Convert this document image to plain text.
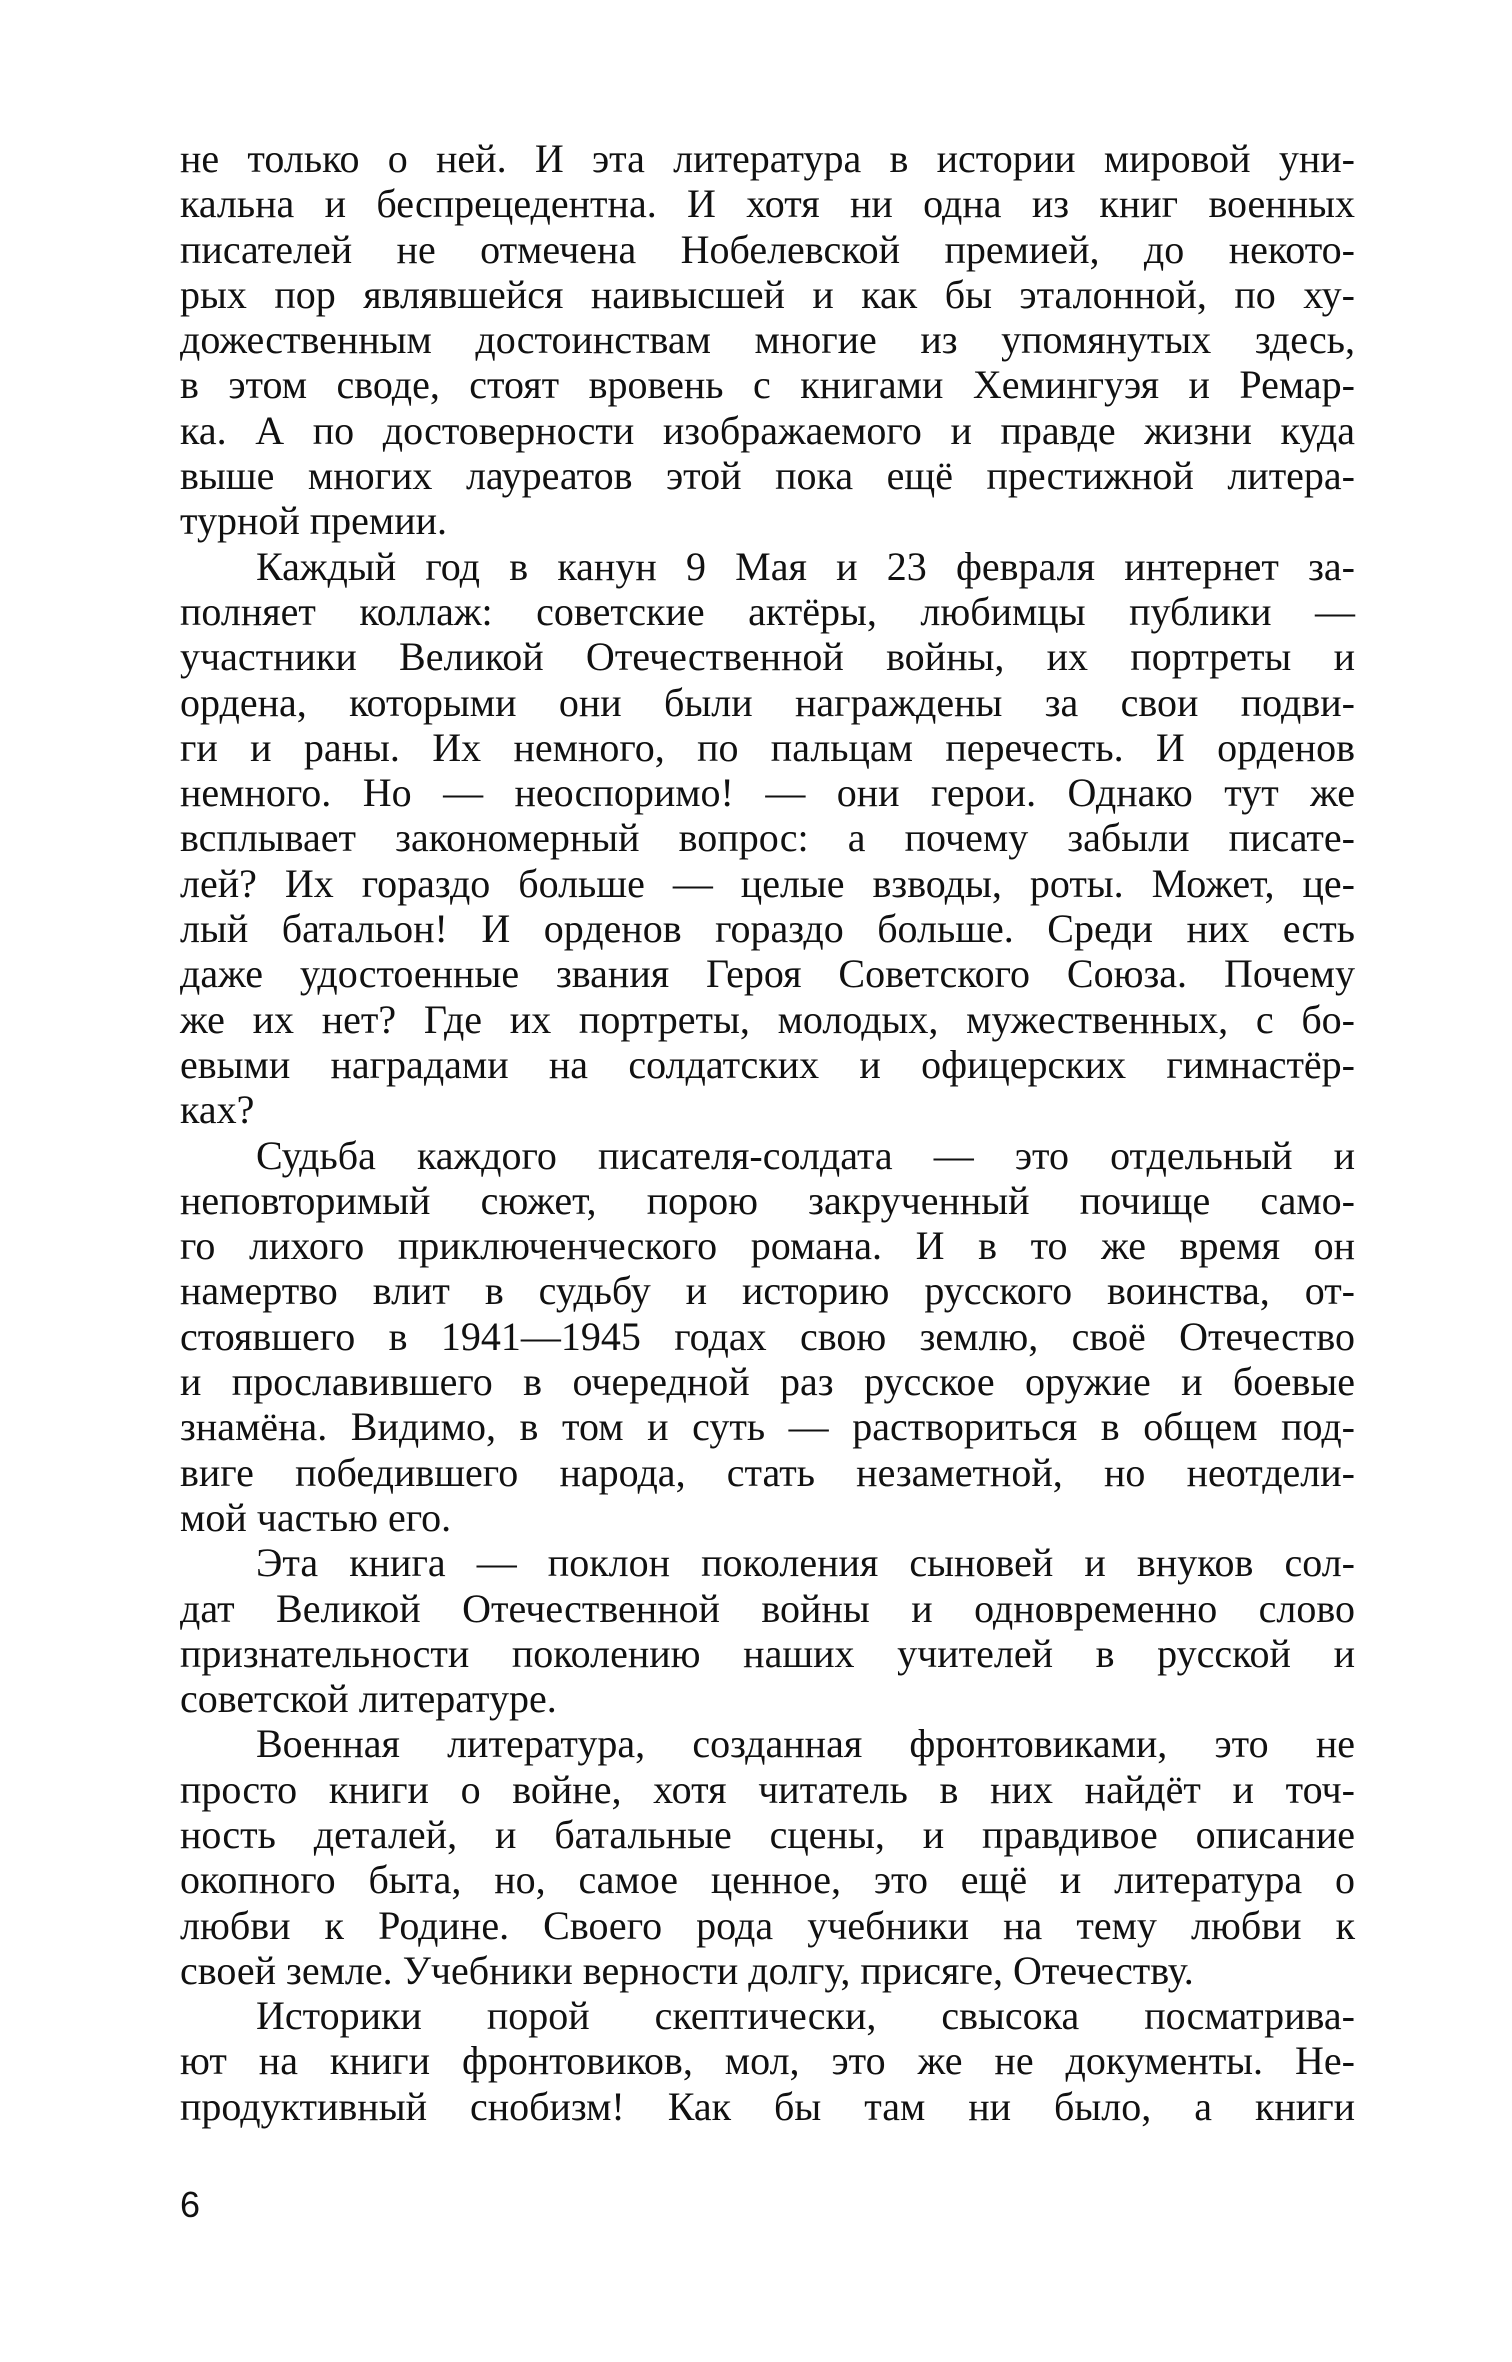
не только о ней. И эта литература в истории мировой уни-
кальна и беспрецедентна. И хотя ни одна из книг военных
писателей не отмечена Нобелевской премией, до некото-
рых пор являвшейся наивысшей и как бы эталонной, по ху-
дожественным достоинствам многие из упомянутых здесь,
в этом своде, стоят вровень с книгами Хемингуэя и Ремар-
ка. А по достоверности изображаемого и правде жизни куда
выше многих лауреатов этой пока ещё престижной литера-
турной премии.
Каждый год в канун 9 Мая и 23 февраля интернет за-
полняет коллаж: советские актёры, любимцы публики —
участники Великой Отечественной войны, их портреты и
ордена, которыми они были награждены за свои подви-
ги и раны. Их немного, по пальцам перечесть. И орденов
немного. Но — неоспоримо! — они герои. Однако тут же
всплывает закономерный вопрос: а почему забыли писате-
лей? Их гораздо больше — целые взводы, роты. Может, це-
лый батальон! И орденов гораздо больше. Среди них есть
даже удостоенные звания Героя Советского Союза. Почему
же их нет? Где их портреты, молодых, мужественных, с бо-
евыми наградами на солдатских и офицерских гимнастёр-
ках?
Судьба каждого писателя-солдата — это отдельный и
неповторимый сюжет, порою закрученный почище само-
го лихого приключенческого романа. И в то же время он
намертво влит в судьбу и историю русского воинства, от-
стоявшего в 1941—1945 годах свою землю, своё Отечество
и прославившего в очередной раз русское оружие и боевые
знамёна. Видимо, в том и суть — раствориться в общем под-
виге победившего народа, стать незаметной, но неотдели-
мой частью его.
Эта книга — поклон поколения сыновей и внуков сол-
дат Великой Отечественной войны и одновременно слово
признательности поколению наших учителей в русской и
советской литературе.
Военная литература, созданная фронтовиками, это не
просто книги о войне, хотя читатель в них найдёт и точ-
ность деталей, и батальные сцены, и правдивое описание
окопного быта, но, самое ценное, это ещё и литература о
любви к Родине. Своего рода учебники на тему любви к
своей земле. Учебники верности долгу, присяге, Отечеству.
Историки порой скептически, свысока посматрива-
ют на книги фронтовиков, мол, это же не документы. Не-
продуктивный снобизм! Как бы там ни было, а книги
6
